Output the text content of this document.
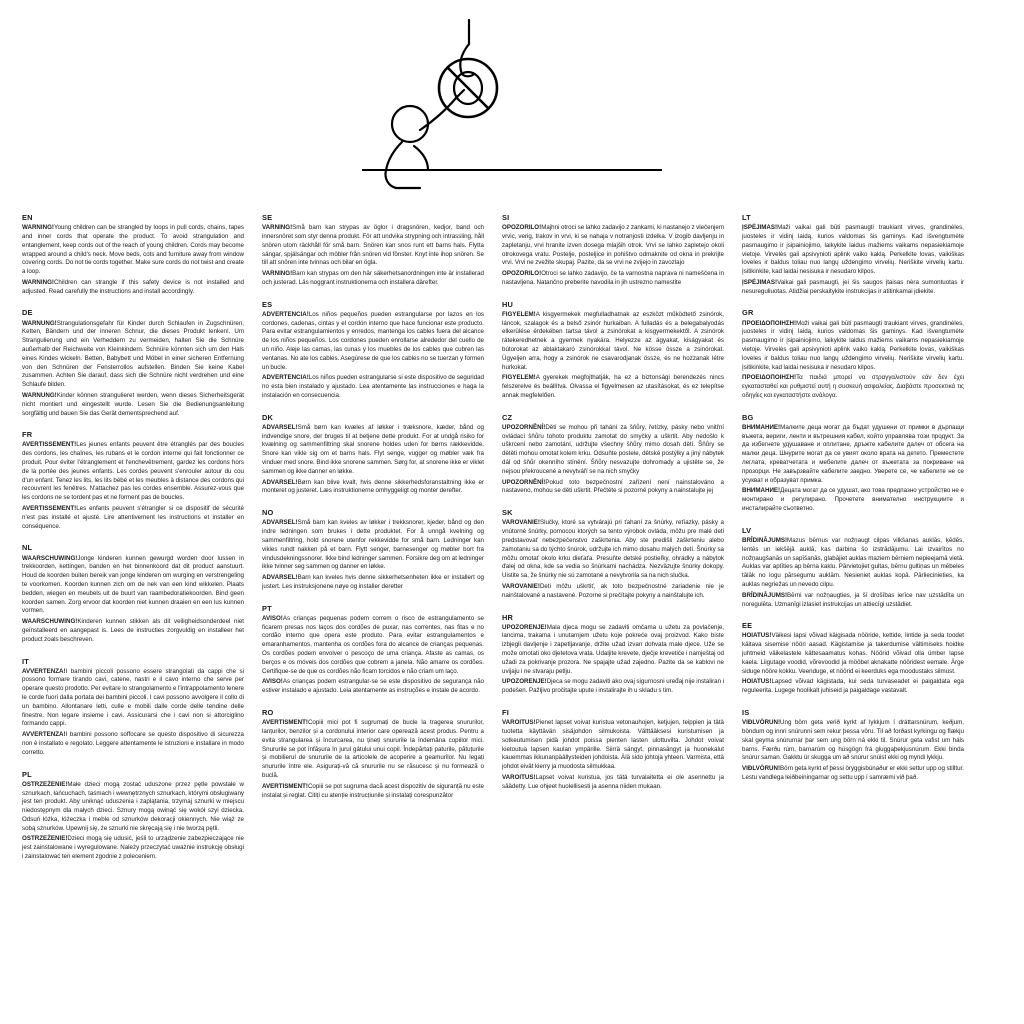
EN

WARNING!Young children can be strangled by loops in pull cords, chains, tapes and inner cords that operate the product. To avoid strangulation and entanglement, keep cords out of the reach of young children. Cords may become wrapped around a child's neck. Move beds, cots and furniture away from window covering cords. Do not tie cords together. Make sure cords do not twist and create a loop.

WARNING!Children can strangle if this safety device is not installed and adjusted. Read carefully the instructions and install accordingly.

DE

WARNUNG!Strangulationsgefahr für Kinder durch Schlaufen in Zugschnüren, Ketten, Bändern und der inneren Schnur, die dieses Produkt lenken!. Um Strangulierung und ein Verheddern zu vermeiden, halten Sie die Schnüre außerhalb der Reichweite von Kleinkindern. Schnüre könnten sich um den Hals eines Kindes wickeln. Betten, Babybett und Möbel in einer sicheren Entfernung von den Schnüren der Fensterrollos aufstellen. Binden Sie keine Kabel zusammen. Achten Sie darauf, dass sich die Schnüre nicht verdrehen und eine Schlaufe bilden.

WARNUNG!Kinder können strangulieret werden, wenn dieses Sicherheitsgerät nicht montiert und eingestellt wurde. Lesen Sie die Bedienungsanleitung sorgfältig und bauen Sie das Gerät dementsprechend auf.

FR

AVERTISSEMENT!Les jeunes enfants peuvent être étranglés par des boucles des cordons, les chaînes, les rubans et le cordon interne qui fait fonctionner ce produit. Pour éviter l'étranglement et l'enchevêtrement, gardez les cordons hors de la portée des jeunes enfants. Les cordes peuvent s'enrouler autour du cou d'un enfant. Tenez les lits, les lits bébé et les meubles à distance des cordons qui recouvrent les fenêtres. N'attachez pas les cordes ensemble. Assurez-vous que les cordons ne se tordent pas et ne forment pas de boucles.

AVERTISSEMENT!Les enfants peuvent s'étrangler si ce dispositif de sécurité n'est pas installé et ajusté. Lire attentivement les instructions et installer en conséquence.

NL

WAARSCHUWING!Jonge kinderen kunnen gewurgd worden door lussen in trekkoorden, kettingen, banden en het binnenkoord dat dit product aanstuurt. Houd de koorden buiten bereik van jonge kinderen om wurging en verstrengeling te voorkomen. Koorden kunnen zich om de nek van een kind wikkelen. Plaats bedden, wiegen en meubels uit de buurt van raambedoratiekoorden. Bind geen koorden samen. Zorg ervoor dat koorden niet kunnen draaien en een lus kunnen vormen.

WAARSCHUWING!Kinderen kunnen stikken als dit veiligheidsonderdeel niet geïnstalleerd en aangepast is. Lees de instructies zorgvuldig en installeer het product zoals beschreven.

IT

AVVERTENZA!I bambini piccoli possono essere strangolati da cappi che si possono formare tirando cavi, catene, nastri e il cavo interno che serve per operare questo prodotto. Per evitare lo strangolamento e l'intrappolamento tenere le corde fuori dalla portata dei bambini piccoli. I cavi possono avvolgere il collo di un bambino. Allontanare letti, culle e mobili dalle corde delle tendine delle finestre. Non legare insieme i cavi. Assicurarsi che i cavi non si attorciglino formando cappi.

AVVERTENZA!I bambini possono soffocare se questo dispositivo di sicurezza non è installato e regolato. Leggere attentamente le istruzioni e installare in modo corretto.

PL

OSTRZEŻENIE!Małe dzieci mogą zostać uduszone przez pętle powstałe w sznurkach, łańcuchach, taśmach i wewnętrznych sznurkach, którymi obsługiwany jest ten produkt. Aby uniknąć uduszenia i zaplątania, trzymaj sznurki w miejscu niedostępnym dla małych dzieci. Sznury mogą owinąć się wokół szyi dziecka. Odsuń łóżka, łóżeczka i meble od sznurków dekoracji okiennych. Nie wiąż ze sobą sznurków. Upewnij się, że sznurki nie skręcają się i nie tworzą pętli.

OSTRZEŻENIE!Dzieci mogą się udusić, jeśli to urządzenie zabezpieczające nie jest zainstalowane i wyregulowane. Należy przeczytać uważnie instrukcję obsługi i zainstalować ten element zgodnie z poleceniem.

SE

VARNING!Små barn kan strypas av öglor i dragsnören, kedjor, band och innersnöret som styr denna produkt. För att undvika strypning och intrassling, håll snören utom räckhåll för små barn. Snören kan snos runt ett barns hals. Flytta sängar, spjälsängar och möbler från snören vid fönster. Knyt inte ihop snören. Se till att snören inte tvinnas och bilar en ögla.

VARNING!Barn kan strypas om den här säkerhetsanordningen inte är installerad och justerad. Läs noggrant instruktionerna och installera därefter.

ES

ADVERTENCIA!Los niños pequeños pueden estrangularse por lazos en los cordones, cadenas, cintas y el cordón interno que hace funcionar este producto. Para evitar estrangulamientos y enredos, mantenga los cables fuera del alcance de los niños pequeños. Los cordones pueden enrollarse alrededor del cuello de un niño. Aleje las camas, las cunas y los muebles de los cables que cubren las ventanas. No ate los cables. Asegúrese de que los cables no se tuerzan y formen un bucle.

ADVERTENCIA!Los niños pueden estrangularse si este dispositivo de seguridad no esta bien instalado y ajustado. Lea atentamente las instrucciones e haga la instalación en consecuencia.

DK

ADVARSEL!Små børn kan kvæles af løkker i træksnore, kæder, bånd og indvendige snore, der bruges til at betjene dette produkt. For at undgå risiko for kvælning og sammenfiltring skal snorene holdes uden for børns rækkevidde. Snore kan vikle sig om et barns hals. Flyt senge, vugger og møbler væk fra vinduer med snore. Bind ikke snorene sammen. Sørg for, at snorene ikke er viklet sammen og ikke danner en løkke.

ADVARSEL!Børn kan blive kvalt, hvis denne sikkerhedsforanstaltning ikke er monteret og justeret. Læs instruktionerne omhyggeligt og monter derefter.

NO

ADVARSEL!Små barn kan kveles av løkker i trekksnorer, kjeder, bånd og den indre ledningen som brukes i dette produktet. For å unngå kvelning og sammenfiltring, hold snorene utenfor rekkevidde for små barn. Ledninger kan vikles rundt nakken på et barn. Flytt senger, barnesenger og møbler bort fra vindusdekningssnorer. Ikke bind ledninger sammen. Forsikre deg om at ledninger ikke tvinner seg sammen og danner en løkke.

ADVARSEL!Barn kan kveles hvis denne sikkerhetsenheten ikke er installert og justert. Les instruksjonene nøye og installer deretter

PT

AVISO!As crianças pequenas podem correm o risco de estrangulamento se ficarem presas nos laços dos cordões de puxar, nas correntes, nas fitas e no cordão interno que opera este produto. Para evitar estrangulamentos e emaranhamentos, mantenha os cordões fora do alcance de crianças pequenas. Os cordões podem envolver o pescoço de uma criança. Afaste as camas, os berços e os móveis dos cordões que cobrem a janela. Não amarre os cordões. Certifique-se de que os cordões não ficam torcidos e não criam um laço.

AVISO!As crianças podem estrangular-se se este dispositivo de segurança não estiver instalado e ajustado. Leia atentamente as instruções e instale de acordo.

RO

AVERTISMENT!Copiii mici pot fi sugrumați de bucle la tragerea snururilor, lanțurilor, benzilor și a cordonului interior care operează acest produs. Pentru a evita strangularea și încurcarea, nu țineți snururile la îndemâna copiilor mici. Snururile se pot înfășura în jurul gâtului unui copil. Îndepărtați paturile, pătuțurile și mobilierul de snururile de la articolele de acoperire a geamurilor. Nu legați snururile între ele. Asigurați-vă că snururile nu se răsucesc și nu formează o buclă.

AVERTISMENT!Copiii se pot sugruma dacă acest dispozitiv de siguranță nu este instalat și reglat. Citiți cu atenție instrucțiunile și instalați corespunzător

SI

OPOZORILO!Majhni otroci se lahko zadavijo z zankami, ki nastanejo z vlečenjem vrvic, verig, trakov in vrvi, ki se nahaja v notranjosti izdelka. V izogib davljenju in zapletanju, vrvi hranite izven dosega mlajših otrok. Vrvi se lahko zapletejo okoli otrokovega vratu. Postelje, posteljice in pohištvo odmaknite od okna in prekrijte vrvi. Vrvi ne zvežite skupaj. Pazite, da se vrvi ne zvijejo in zavozlajo

OPOZORILO!Otroci se lahko zadavijo, če ta varnostna naprava ni nameščena in nastavljena. Natančno preberite navodila in jih ustrezno namestite

HU

FIGYELEM!A kisgyermekek megfulladhatnak az eszközt működtető zsinórok, láncok, szalagok és a belső zsinór hurkaiban. A fulladás és a belegabalyodás elkerülése érdekében tartsa távol a zsinórokat a kisgyermekektől. A zsinórok rátekeredhetnek a gyermek nyakára. Helyezze az ágyakat, kiságyakat és bútorokat az ablaktakaró zsinórokkal távol. Ne kösse össze a zsinórokat. Ügyeljen arra, hogy a zsinórok ne csavarodjanak össze, és ne hozzanak létre hurkokat.

FIGYELEM!A gyerekek megfojthatják, ha ez a biztonsági berendezés nincs felszerelve és beállítva. Olvassa el figyelmesen az utasításokat, és ez telepítse annak megfelelően.

CZ

UPOZORNĚNÍ!Děti se mohou při tahání za šňůry, řetízky, pásky nebo vnitřní ovládací šňůru tohoto produktu zamotat do smyčky a uškrtit. Aby nedošlo k uškrcení nebo zamotání, udržujte všechny šňůry mimo dosah dětí. Šňůry se dětěti mohou omotat kolem krku. Odsuňte postele, dětské postýlky a jiný nábytek dál od šňůr okenního stínění. Šňůry nesvazujte dohromady a ujistěte se, že nejsou překroucené a nevytváří se na nich smyčky

UPOZORNĚNÍ!Pokud toto bezpečnostní zařízení není nainstalováno a nastaveno, mohou se děti uškrtit. Přečtěte si pozorně pokyny a nainstalujte jej

SK

VAROVANIE!Slučky, ktoré sa vytvárajú pri ťahaní za šnúrky, reťiazky, pásky a vnútorné šnúrky, pomocou ktorých sa tento výrobok ovláda, môžu pre malé deti predstavovať nebezpečenstvo zaškrtenia. Aby ste predišli zaškrteniu alebo zamotaniu sa do týchto šnúrok, udržujte ich mimo dosahu malých detí. Šnúrky sa môžu omotať okolo krku dieťaťa. Presuňte detské postieľky, ohrádky a nábytok ďalej od okna, kde sa vedia so šnúrkami nachádza. Nezväzujte šnúrky dokopy. Uistite sa, že šnúrky nie sú zamotané a nevytvorila sa na nich slučka.

VAROVANIE!Deti môžu uškrtiť, ak toto bezpečnostné zariadenie nie je nainštalované a nastavené. Pozorne si prečítajte pokyny a nainštalujte ich.

HR

UPOZORENJE!Mala djeca mogu se zadaviti omčama u užetu za povlačenje, lancima, trakama i unutarnjem užetu koje pokreće ovaj proizvod. Kako biste izbjegli davljenje i zapetljavanje, držite užad izvan dohvata male djece. Uže se može omotati oko djetetova vrata. Udaljite krevete, dječje krevetiće i namještaj od užadi za pokrivanje prozora. Ne spajajte užad zajedno. Pazite da se kablovi ne uvijaju i ne stvaraju petlju.

UPOZORENJE!Djeca se mogu zadaviti ako ovaj sigurnosni uređaj nije instaliran i podešen. Pažljivo pročitajte upute i instalirajte ih u skladu s tim.

FI

VAROITUS!Pienet lapset voivat kuristua vetonauhojen, ketjujen, teippien ja tätä tuotetta käyttävän sisäjohdon silmukoista. Välttääksesi kuristumisen ja sotkeutumisen pidä johdot poissa pienten lasten ulottuvilta. Johdot voivat kietoutua lapsen kaulan ympärille. Siirrä sängyt, pinnasängyt ja huonekalut kauemmas ikkunanpäällysteiden johdoista. Älä sido johtoja yhteen. Varmista, että johdot eivät kierry ja muodosta silmukkaa.

VAROITUS!Lapset voivat kuristua, jos tätä turvalaitetta ei ole asennettu ja säädetty. Lue ohjeet huolellisesti ja asenna niiden mukaan.

LT

ĮSPĖJIMAS!Maži vaikai gali būti pasmaugti traukiant virves, grandinėles, juosteles ir vidinį laidą, kurios valdomas šis gaminys. Kad išvengtumėte pasmaugimo ir įsipainiojimo, laikykite laidus mažiems vaikams nepasiekiamoje vietoje. Virvelės gali apsivynioti aplink vaiko kaklą. Perkelkite lovas, vaikiškas loveles ir baldus toliau nuo langų uždengimo virvelių. Neriškite virvelių kartu. Įsitikinkite, kad laidai nesisuka ir nesudaro kilpos.

ĮSPĖJIMAS!Vaikai gali pasmaugti, jei šis saugos įtaisas nėra sumontuotas ir nesureguliuotas. Atidžiai perskaitykite instrukcijas ir atitinkamai įdiekite.

GR

ΠΡΟΕΙΔΟΠΟΙΗΣΗ!Μαži vaikai gali būti pasmaugti traukiant virves, grandinėles, juosteles ir vidinį laidą, kurios valdomas šis gaminys. Kad išvengtumėte pasmaugimo ir įsipainiojimo, laikykite laidus mažiems vaikams nepasiekiamoje vietoje. Virvelės gali apsivynioti aplink vaiko kaklą. Perkelkite lovas, vaikiškas loveles ir baldus toliau nuo langų uždengimo virvelių. Neriškite virvelių kartu. Įsitikinkite, kad laidai nesisuka ir nesudaro kilpos.

ΠΡΟΕΙΔΟΠΟΙΗΣΗ!Τα παιδιά μπορεί να στραγγαλιστούν εάν δεν έχει εγκατασταθεί και ρυθμιστεί αυτή η συσκευή ασφαλείας. Διαβάστε προσεκτικά τις οδηγίες και εγκαταστήστε ανάλογα.

BG

ВНИМАНИЕ!Малките деца могат да бъдат удушени от примки в дърпащи въжета, вериги, ленти и вътрешния кабел, който управлява този продукт. За да избегнете удушаване и оплитане, дръжте кабелите далеч от обсега на малки деца. Шнурите могат да се увият около врата на детето. Преместете леглата, креватчетата и мебелите далеч от въжетата за покриване на прозорци. Не завързвайте кабелите заедно. Уверете се, че кабелите не се усукват и образуват примка.

ВНИМАНИЕ!Децата могат да се удушат, ако това предпазно устройство не е монтирано и регулирано. Прочетете внимателно инструкциите и инсталирайте съответно.

LV

BRĪDINĀJUMS!Mazus bērnus var nožņaugt cilpas vilkšanas auklās, ķēdēs, lentēs un iekšējā auklā, kas darbina šo izstrādājumu. Lai izvairītos no nožņaugšanās un sapīšanās, glabājiet auklas maziem bērniem nepieejamā vietā. Auklas var aptīties ap bērna kaklu. Pārvietojiet gultas, bērnu gultiņas un mēbeles tālāk no logu pārsegumu auklām. Nesieniet auklas kopā. Pārliecinieties, ka auklas negriežas un nevedo cilpu.

BRĪDINĀJUMS!Bērni var nožņaugties, ja šī drošības ierīce nav uzstādīta un noregulēta. Uzmanīgi izlasiet instrukcijas un attiecīgi uzstādiet.

EE

HOIATUS!Väikesi lapsi võivad käigisada nööride, kettide, lintide ja seda toodet käitava sisemise nööri aasad. Kägistamise ja takerdumise vältimiseks hoidke juhtmeid väikelastele kättesaamatus kohas. Nöörid võivad olla ümber lapse kaela. Liigutage voodid, võrevoodid ja mööbel aknakatte nööridest eemale. Ärge siduge nööre kokku. Veenduge, et nöörid ei keerduks ega moodustaks silmust.

HOIATUS!Lapsed võivad kägistada, kui seda turvaseadet ei paigaldata ega reguleerita. Lugege hoolikalt juhiseid ja paigaldage vastavalt.

IS

VIÐLVÖRUN!Ung börn geta verið kyrkt af lykkjum í dráttarsnúrum, keðjum, böndum og innri snúrunni sem rekur þessa vöru. Til að forðast kyrkingu og flækju skal geyma snúrurnar þar sem ung börn ná ekki til. Snúrur geta vafist um háls barns. Færðu rúm, barnarúm og húsgögn frá gluggaþekjusnúrum. Ekki binda snúrur saman. Gakktu úr skugga um að snúrur snúist ekki og myndi lykkju.

VIÐLVÖRUN!Börn geta kyrkt ef þessi öryggisbúnaður er ekki settur upp og stilltur. Lestu vandlega leiðbeiningarnar og settu upp í samræmi við það.
